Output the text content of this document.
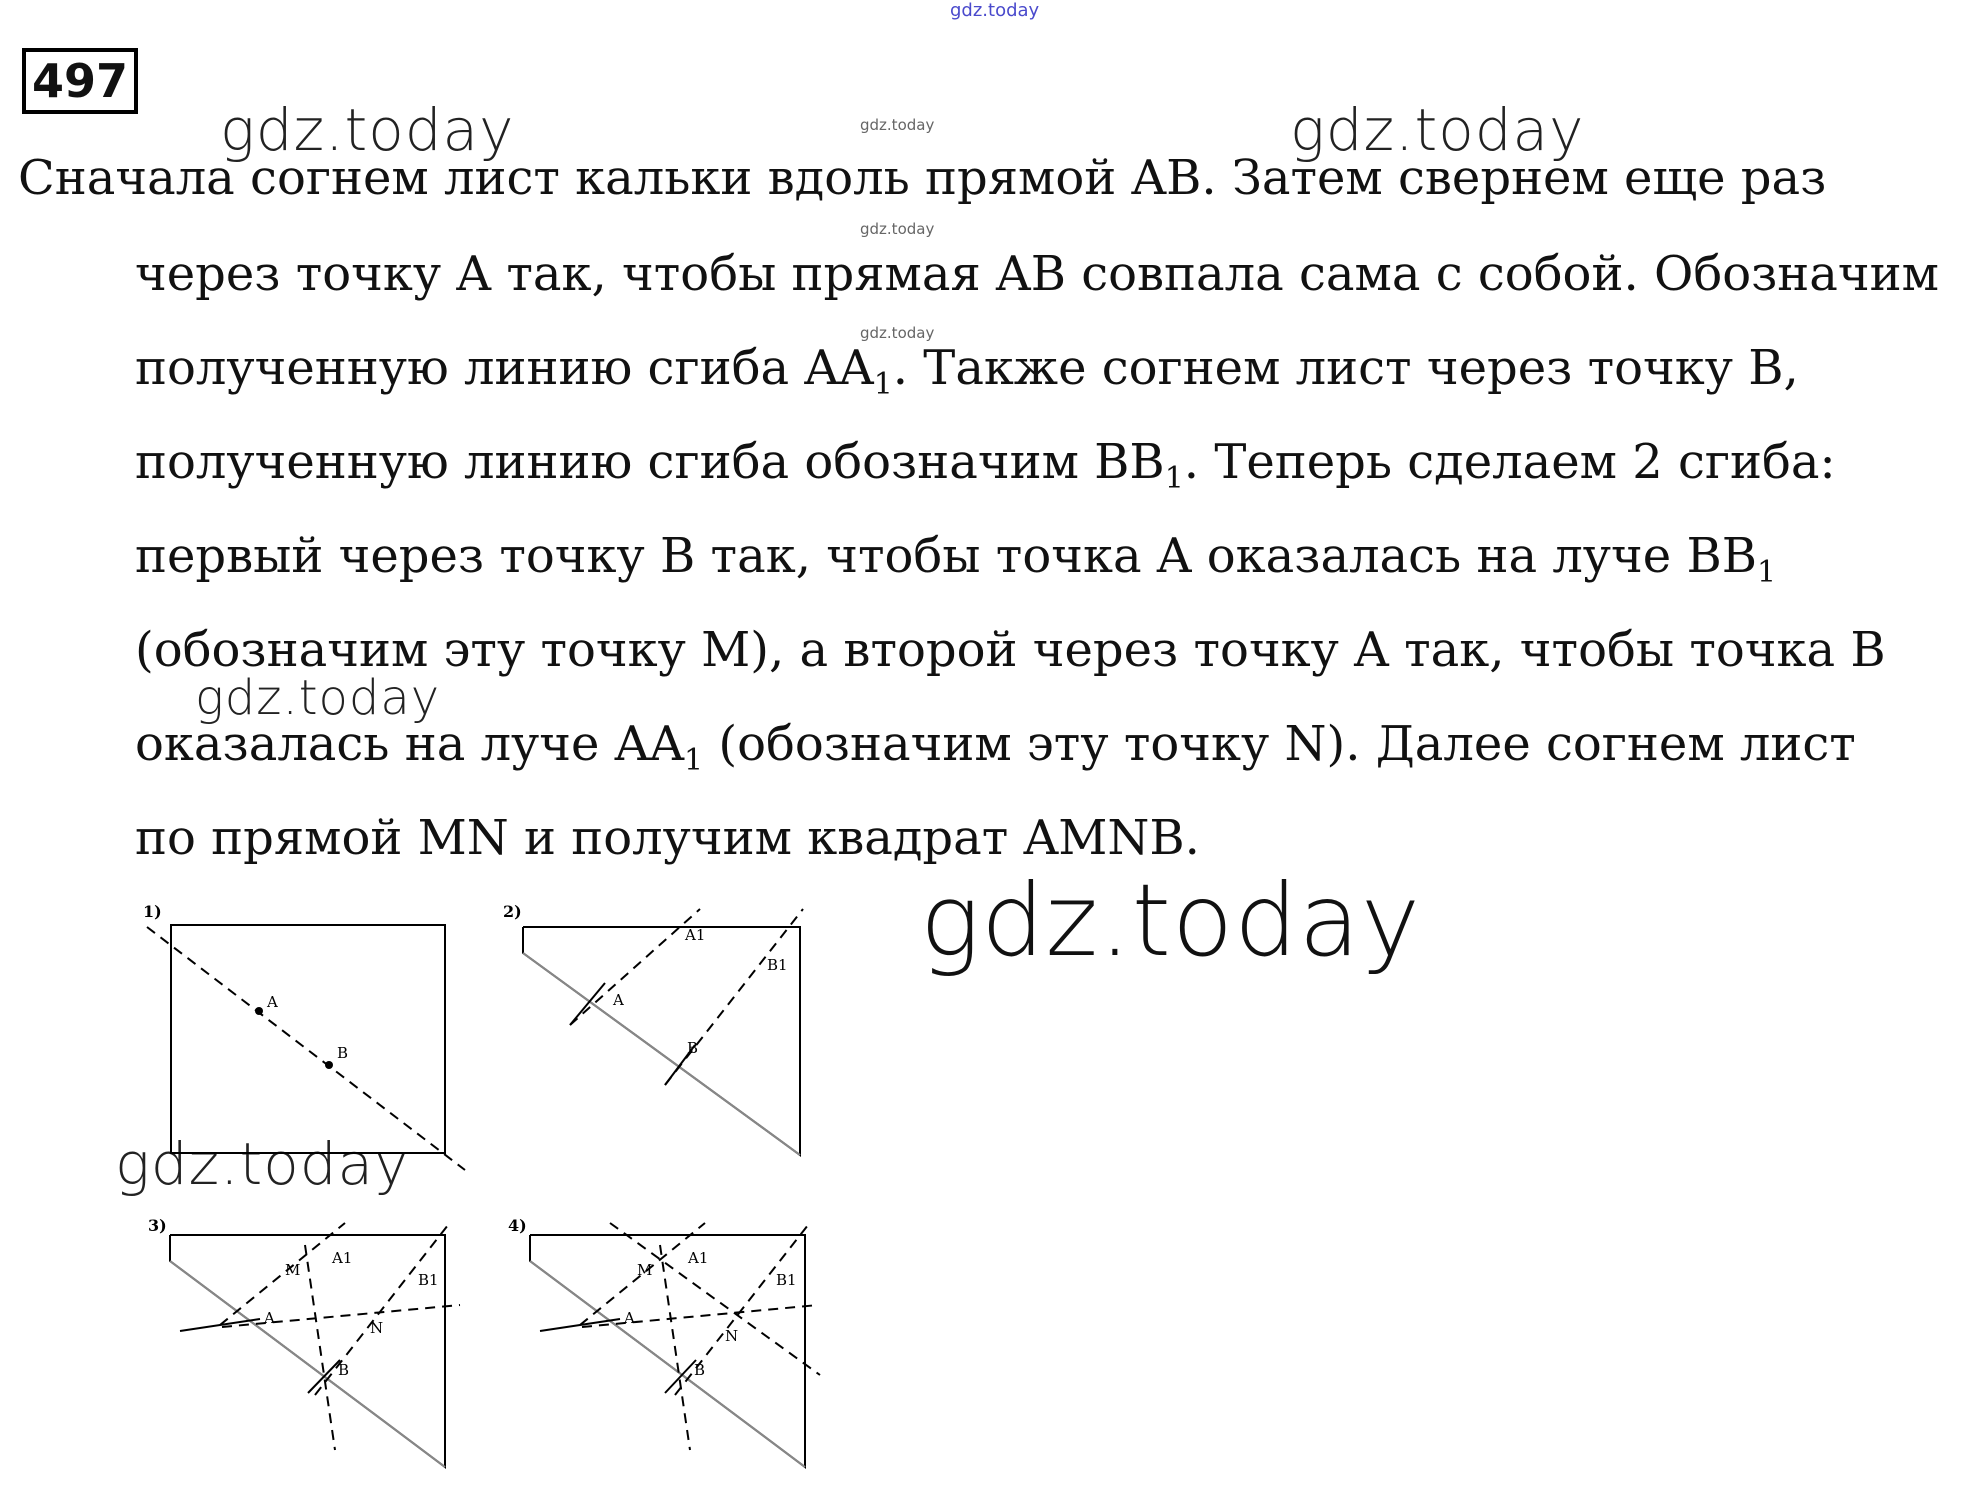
gdz.today
gdz.today
gdz.today
gdz.today
gdz.today	gdz.today
gdz.today
gdz.today
gdz.today
497
Сначала согнем лист кальки вдоль прямой AB. Затем свернем еще раз
через точку A так, чтобы прямая AB совпала сама с собой. Обозначим
полученную линию сгиба $AA_1$. Также согнем лист через точку B,
полученную линию сгиба обозначим $BB_1$. Теперь сделаем 2 сгиба:
первый через точку B так, чтобы точка A оказалась на луче $BB_1$
(обозначим эту точку M), а второй через точку A так, чтобы точка B
оказалась на луче $AA_1$ (обозначим эту точку N). Далее согнем лист
по прямой MN и получим квадрат AMNB.
1)
A
B
2)
A
B
A1
B1
3)
M
A1
B1
N
A
B
4)
M
A1
B1
N
A
B
